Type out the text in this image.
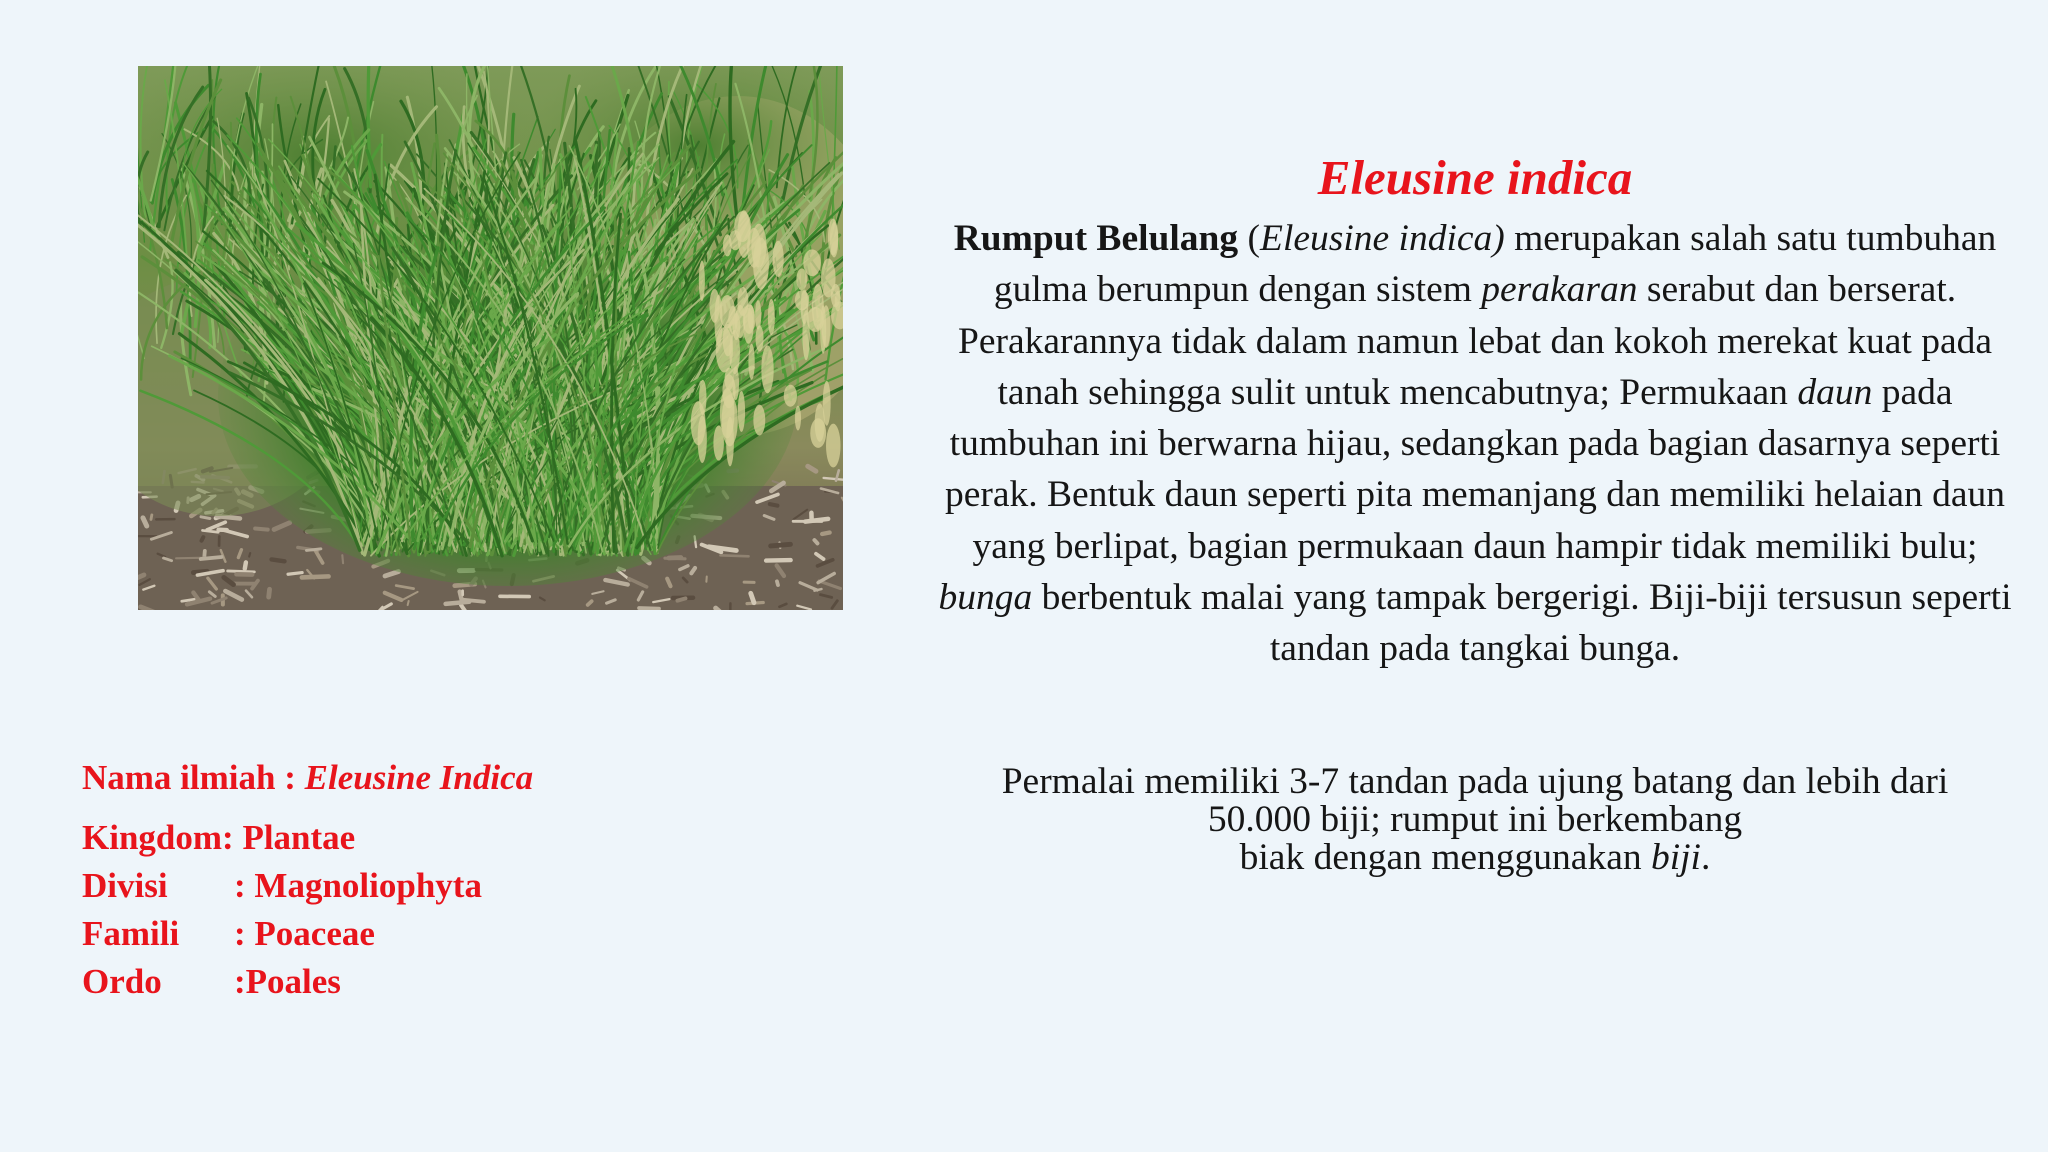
Nama ilmiah : Eleusine Indica
Kingdom : Plantae
Divisi	: Magnoliophyta
Famili	: Poaceae
Ordo	:Poales
Eleusine indica
Rumput Belulang (Eleusine indica) merupakan salah satu tumbuhan gulma berumpun dengan sistem perakaran serabut dan berserat. Perakarannya tidak dalam namun lebat dan kokoh merekat kuat pada tanah sehingga sulit untuk mencabutnya; Permukaan daun pada tumbuhan ini berwarna hijau, sedangkan pada bagian dasarnya seperti perak. Bentuk daun seperti pita memanjang dan memiliki helaian daun yang berlipat, bagian permukaan daun hampir tidak memiliki bulu; bunga berbentuk malai yang tampak bergerigi. Biji-biji tersusun seperti tandan pada tangkai bunga.
Permalai memiliki 3-7 tandan pada ujung batang dan lebih dari
50.000 biji; rumput ini berkembang
biak dengan menggunakan biji.
